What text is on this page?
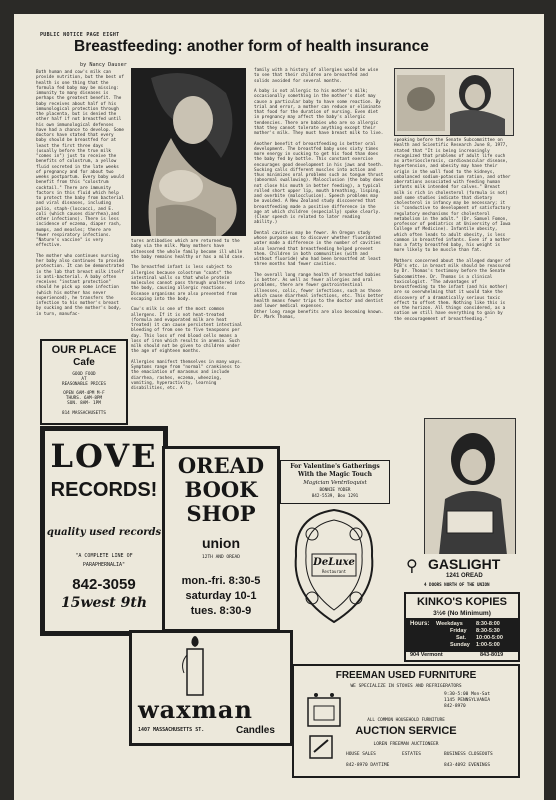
PUBLIC NOTICE PAGE EIGHT
Breastfeeding: another form of health insurance
by Nancy Dauser
Both human and cow's milk can provide nutrition, but the best of health is one thing that the formula fed baby may be missing: immunity to many diseases is perhaps the greatest benefit. The baby receives about half of his immunological protection through the placenta, but is denied the other half if not breastfed until his own immunological defenses have had a chance to develop. Some doctors have stated that every baby should be breastfed for at least the first three days (usually before the true milk "comes in") just to receive the benefits of colostrum, a yellow fluid secreted in the late weeks of pregnancy and for about two weeks postpartum. Every baby would benefit from this "colostrum cocktail." There are immunity factors in this fluid which help to protect the baby from bacterial and viral diseases, including polio, staph-(loccocci, and E. coli (which causes diarrhea),and other infections). There is less incidence of eczema, diaper rash, mumps, and measles; there are fewer respiratory infections. "Nature's vaccine" is very effective.

The mother who continues nursing her baby also continues to provide protection. It can be demonstrated in the lab that breast milk itself is anti-bacterial. A baby often receives "instant protection" should he pick up some infection (which his mother has never experienced), he transfers the infection to his mother's breast by sucking and the mother's body, in turn, manufac-
tures antibodies which are returned to the baby via the milk. Many mothers have witnessed the whole family become ill while the baby remains healthy or has a mild case.

The breastfed infant is less subject to allergies because colostrum "coats" the intestinal walls so that whole protein molecules cannot pass through unaltered into the body, causing allergic reactions. Disease organisms are also prevented from escaping into the body.

Cow's milk is one of the most common allergens. If it is not heat-treated (formula and evaporated milk are heat treated) it can cause persistent intestinal bleeding of from one to five teaspoons per day. This loss of red blood cells means a loss of iron which results in anemia. Such milk should not be given to children under the age of eighteen months.

Allergies manifest themselves in many ways. Symptoms range from "normal" crankiness to the emaciation of marasmus and include diarrhea, rashes, eczema, wheezing, vomiting, hyperactivity, learning disabilities, etc. A
family with a history of allergies would be wise to see that their children are breastfed and solids avoided for several months.

A baby is not allergic to his mother's milk; occasionally something in the mother's diet may cause a particular baby to have some reaction. By trial and error, a mother can reduce or eliminate that food for the duration of nursing. Even diet in pregnancy may affect the baby's allergic tendencies. There are babies who are so allergic that they cannot tolerate anything except their mother's milk. They must have breast milk to live.

Another benefit of breastfeeding is better oral development. The breastfed baby uses sixty times more energy in sucking to get his food than does the baby fed by bottle. This constant exercise encourages good development in his jaws and teeth. Sucking calls different muscles into action and thus minimizes oral problems such as tongue thrust (abnormal swallowing). Malocclusion (the baby does not close his mouth in better feeding), a typical rolled short upper lip, mouth breathing, lisping, and overbite (malocclusion). Speech problems may be avoided. A New Zealand study discovered that breastfeeding made a positive difference in the age at which children (especially) spoke clearly. (Clear speech is related to later reading ability.)

Dental cavities may be fewer. An Oregon study whose purpose was to discover whether fluoridated water made a difference in the number of cavities also learned that breastfeeding helped prevent them. Children in both communities (with and without fluoride) who had been breastfed at least three months had fewer cavities.

The overall long range health of breastfed babies is better. As well as fewer allergies and oral problems, there are fewer gastrointestinal illnesses, colic, fewer infections, such as those which cause diarrheal infections, etc. This better health means fewer trips to the doctor and dentist and lower medical expenses.
Other long range benefits are also becoming known. Dr. Mark Thomas,
speaking before the Senate Subcommittee on Health and Scientific Research June 8, 1977, stated that "It is being increasingly recognized that problems of adult life such as arteriosclerosis, cardiovascular disease, hypertension, and obesity may have their origin in the wall food to the kidneys, unbalanced sodium-potassium ration, and other aberrations associated with feeding human infants milk intended for calves." Breast milk is rich in cholesterol (formula is not) and some studies indicate that dietary cholesterol in infancy may be necessary; it is "conductive to development of satisfactory regulatory mechanisms for cholesterol metabolism in the adult." (Dr. Samuel Fomon, professor of pediatrics at University of Iowa College of Medicine). Infantile obesity, which often leads to adult obesity, is less common in breastfed infants. Even if a mother has a fatty breastfed baby, his weight is more likely to be muscle than fat.

Mothers concerned about the alleged danger of PCB's etc. in breast milk should be reassured by Dr. Thomas's testimony before the Senate Subcommittee. Dr. Thomas is a clinical toxicologist. "The advantages of breastfeeding to the infant (and his mother) are so overwhelming that it would take the discovery of a dramatically serious toxic effect to offset them. Nothing like this is on the horizon. All things considered, as a nation we still have everything to gain by the encouragement of breastfeeding."
OUR PLACE
Cafe
GOOD FOOD
AT
REASONABLE PRICES
OPEN 6AM-4PM M-F
THURS. 6AM-8PM
SUN. 8AM- 1PM
814 MASSACHUSETTS
LOVE
RECORDS!
quality used records
"A COMPLETE LINE OF
PARAPHERNALIA"
842-3059
15west 9th
OREAD
BOOK
SHOP
union
12TH AND OREAD
mon.-fri. 8:30-5
saturday 10-1
tues. 8:30-9
For Valentine's Gatherings
With the Magic Touch
Magician Ventriloquist
BONNIE YODER
842-5539, Box 1291
DeLuxe
Restaurant
waxman
1407 MASSACHUSETTS ST.	Candles
⚲ GASLIGHT
1241 OREAD
4 DOORS NORTH OF THE UNION
KINKO'S KOPIES
3½¢ (No Minimum)
Hours: Weekdays 8:30-8:00
Friday 8:30-5:30
Sat. 10:00-5:00
Sunday 1:00-5:00
904 Vermont	843-8019
FREEMAN USED FURNITURE
WE SPECIALIZE IN STOVES AND REFRIGERATORS
9:30-5:00 Mon-Sat
1145 PENNSYLVANIA
842-8970
ALL COMMON HOUSEHOLD FURNITURE
AUCTION SERVICE
LOREN FREEMAN AUCTIONEER
HOUSE SALES	ESTATES	BUSINESS CLOSEOUTS
842-8970 DAYTIME	843-4092 EVENINGS
